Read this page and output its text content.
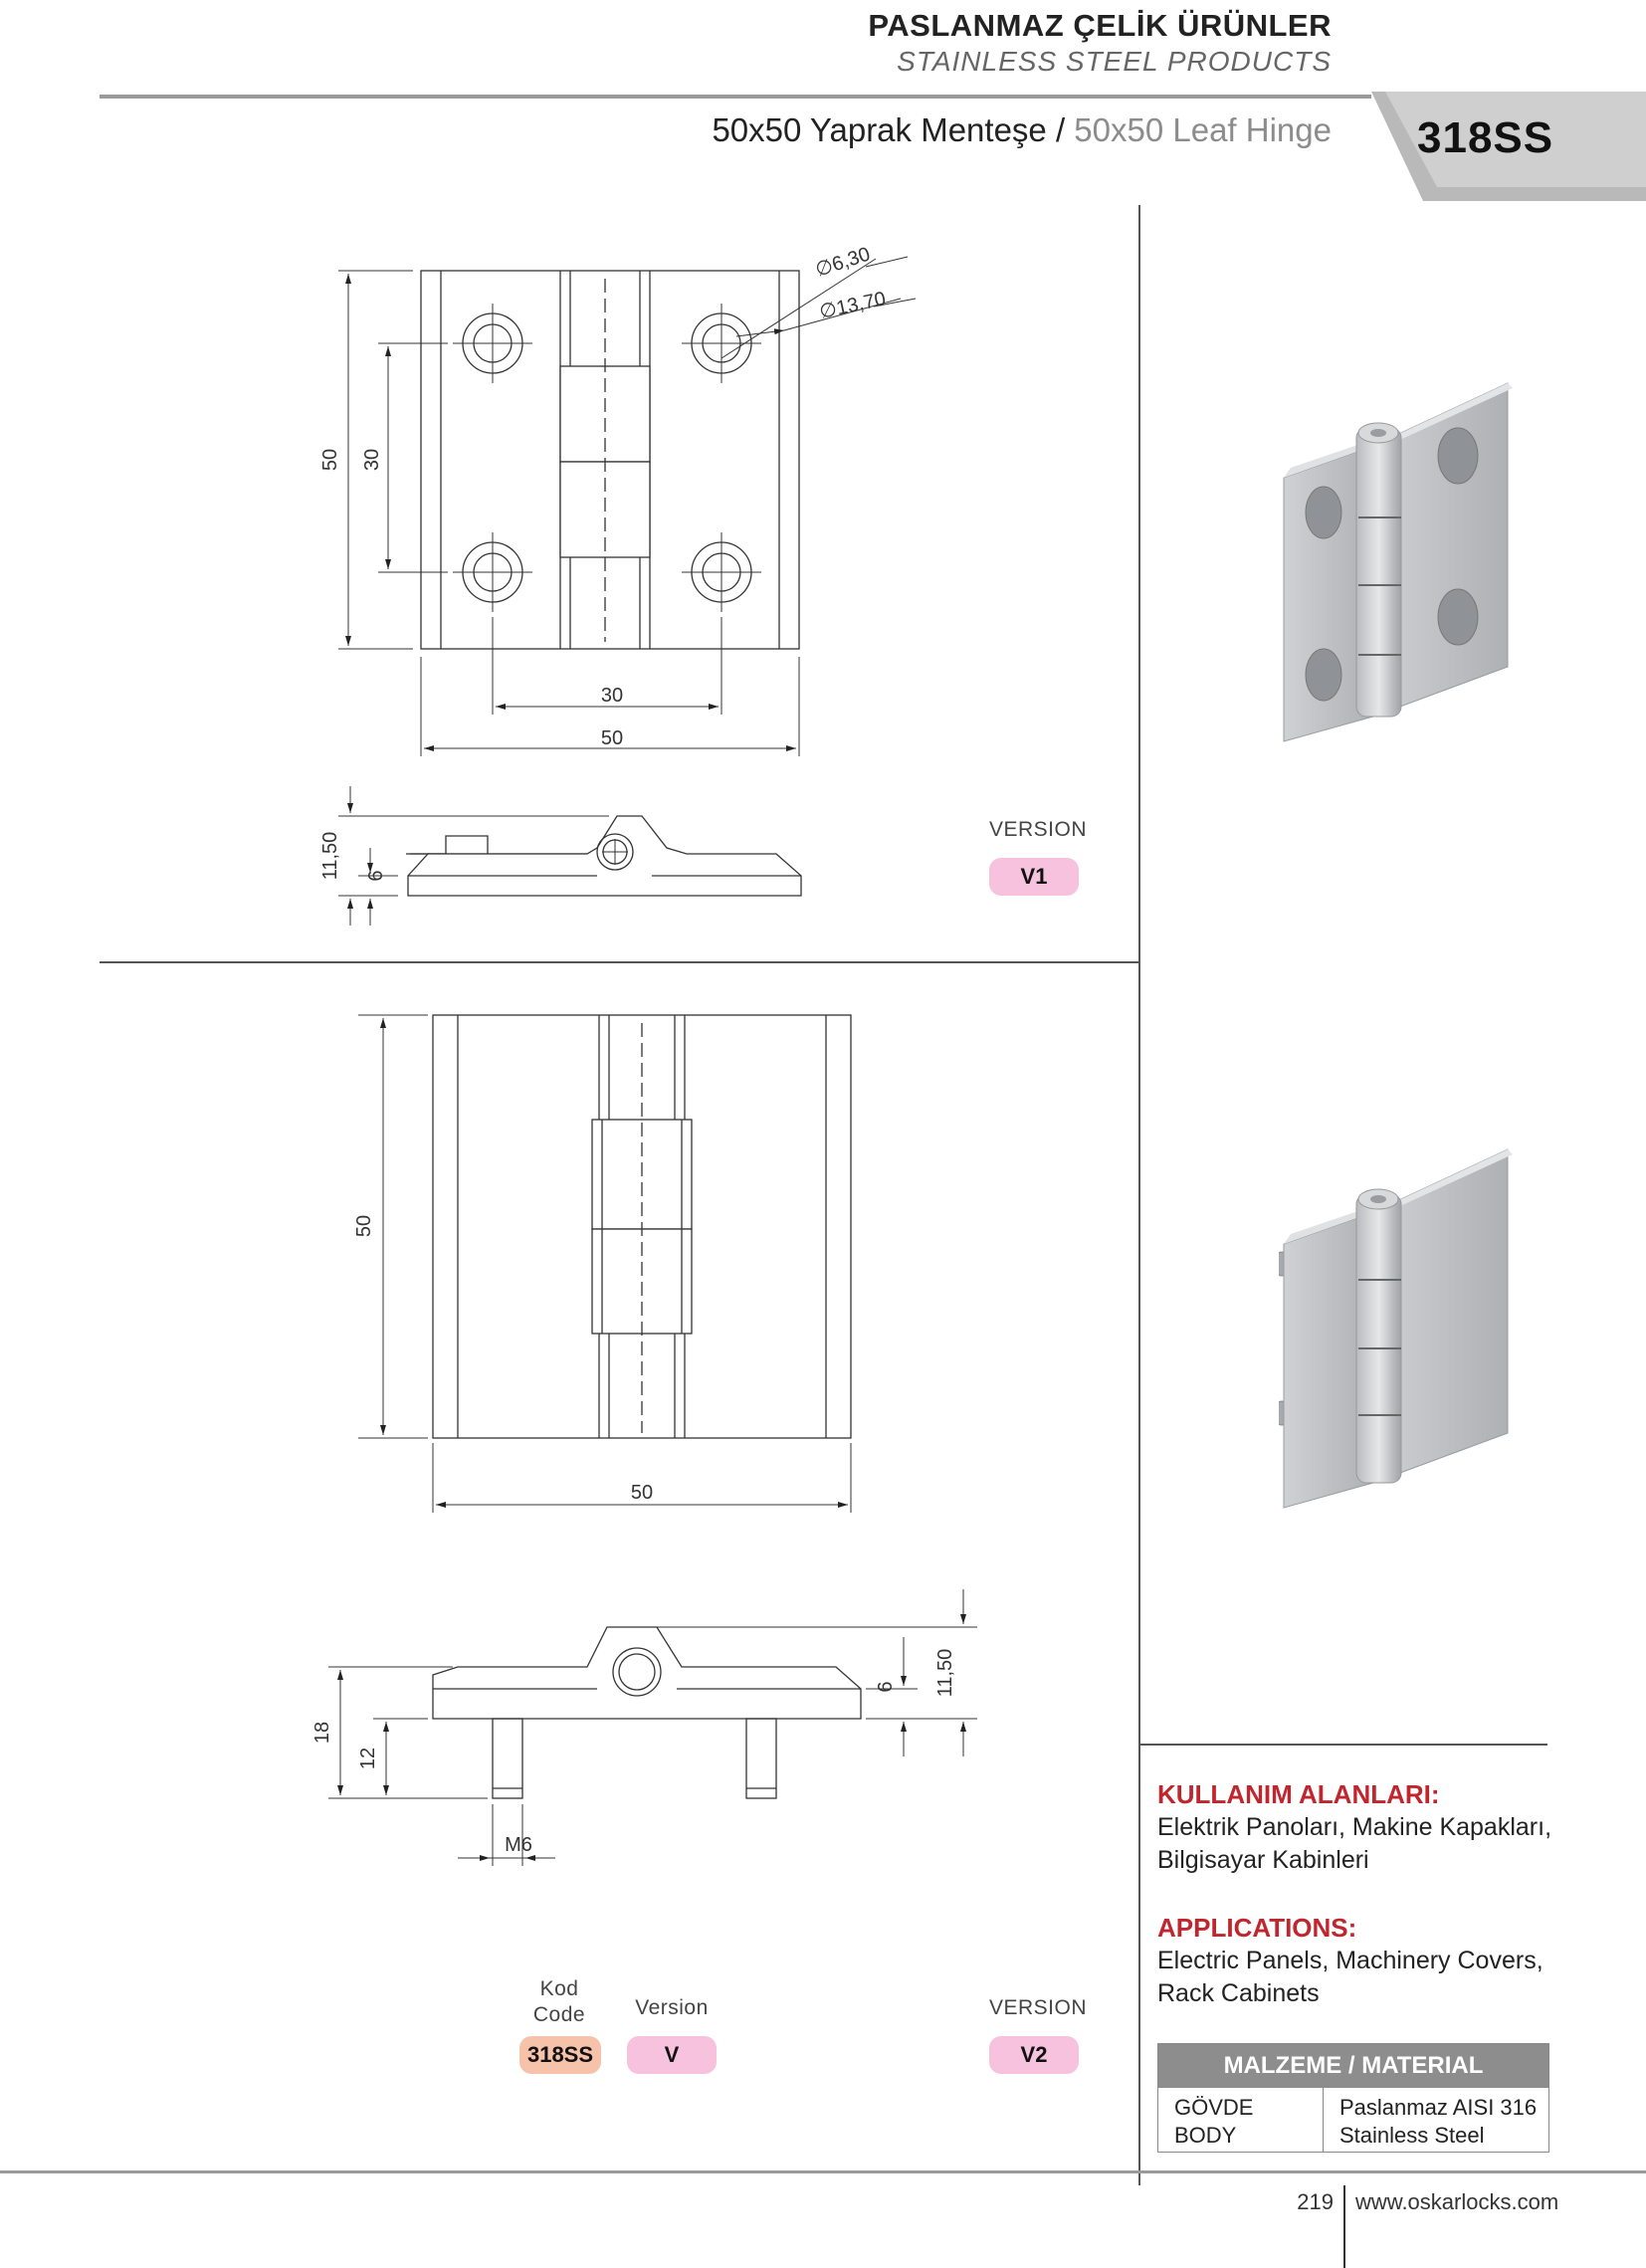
PASLANMAZ ÇELİK ÜRÜNLER
STAINLESS STEEL PRODUCTS
50x50 Yaprak Menteşe / 50x50 Leaf Hinge 318SS
50 30
30
50
∅6,30
∅13,70
11,50 6
VERSION
V1
50
50
11,50
6
18
12
M6
Kod
Code	Version
318SS	V
VERSION
V2
KULLANIM ALANLARI:
Elektrik Panoları, Makine Kapakları,
Bilgisayar Kabinleri
APPLICATIONS:
Electric Panels, Machinery Covers,
Rack Cabinets
MALZEME / MATERIAL
GÖVDE
BODY
Paslanmaz AISI 316
Stainless Steel
219 www.oskarlocks.com
